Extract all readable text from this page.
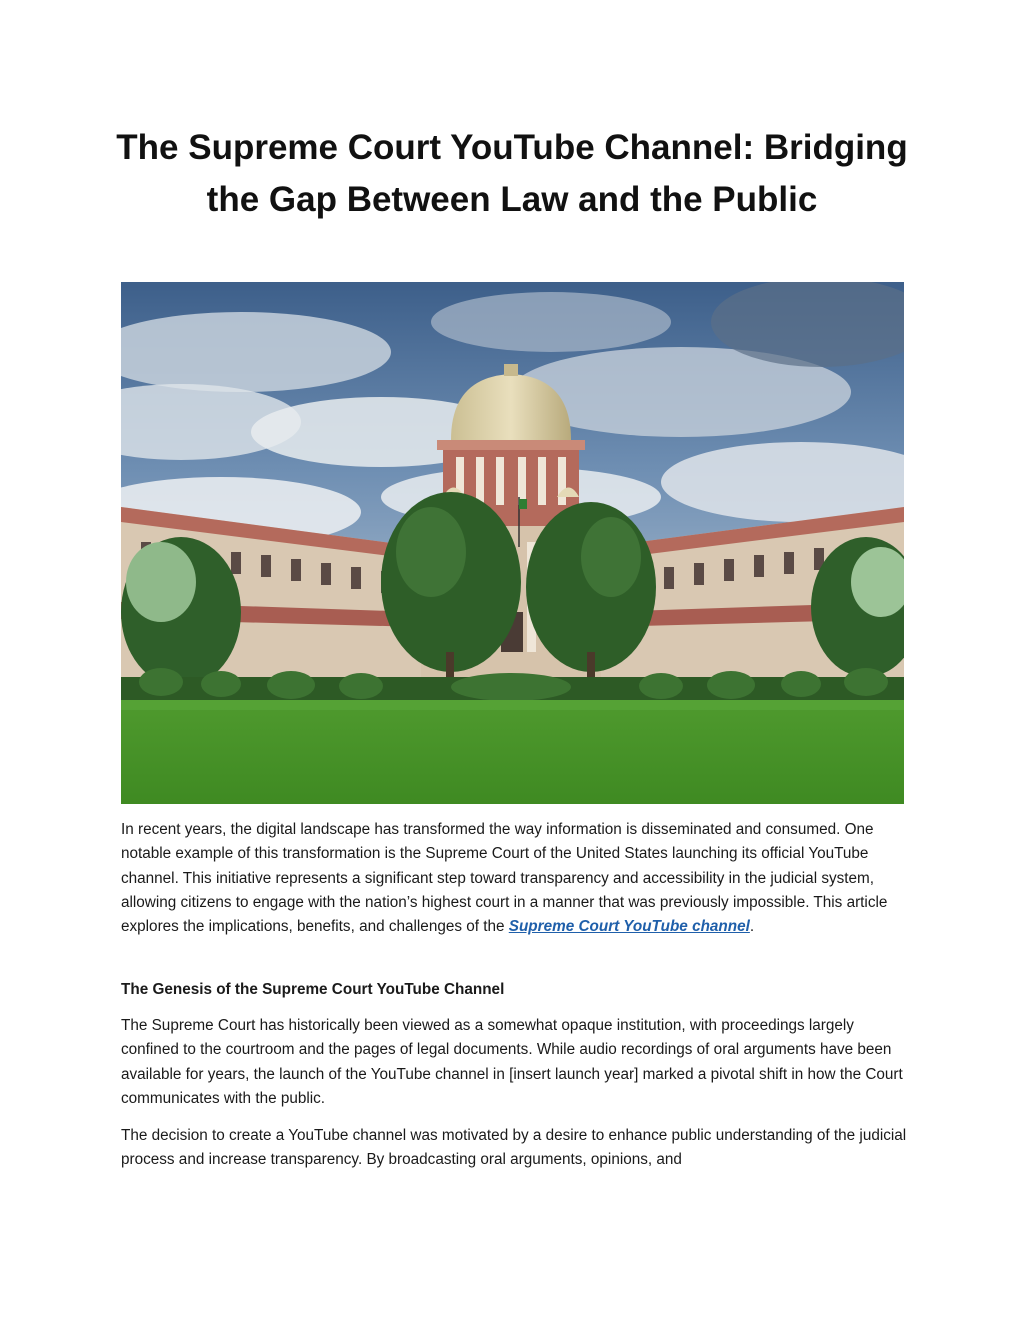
The Supreme Court YouTube Channel: Bridging the Gap Between Law and the Public

In recent years, the digital landscape has transformed the way information is disseminated and consumed. One notable example of this transformation is the Supreme Court of the United States launching its official YouTube channel. This initiative represents a significant step toward transparency and accessibility in the judicial system, allowing citizens to engage with the nation’s highest court in a manner that was previously impossible. This article explores the implications, benefits, and challenges of the Supreme Court YouTube channel.

The Genesis of the Supreme Court YouTube Channel

The Supreme Court has historically been viewed as a somewhat opaque institution, with proceedings largely confined to the courtroom and the pages of legal documents. While audio recordings of oral arguments have been available for years, the launch of the YouTube channel in [insert launch year] marked a pivotal shift in how the Court communicates with the public.

The decision to create a YouTube channel was motivated by a desire to enhance public understanding of the judicial process and increase transparency. By broadcasting oral arguments, opinions, and
